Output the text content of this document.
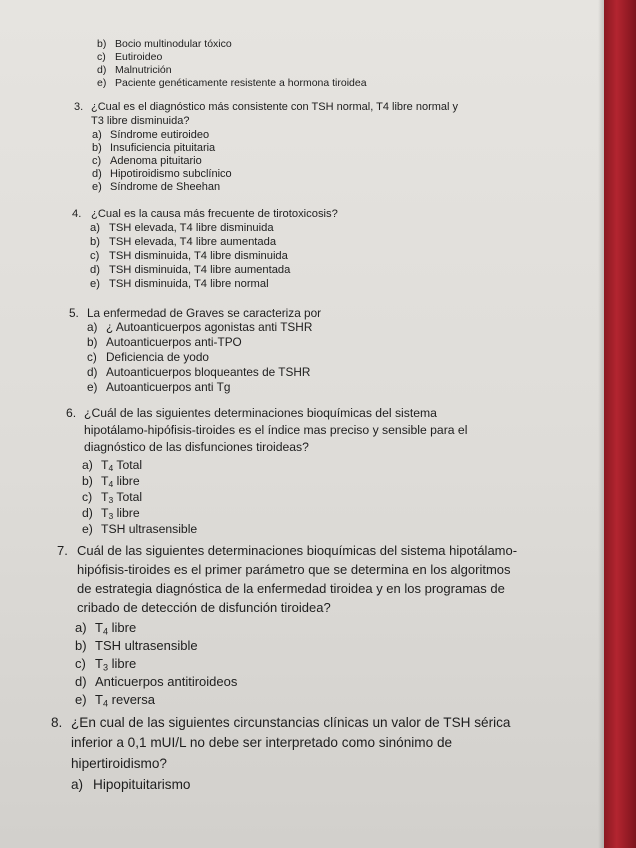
b) Bocio multinodular tóxico
c) Eutiroideo
d) Malnutrición
e) Paciente genéticamente resistente a hormona tiroidea
3. ¿Cual es el diagnóstico más consistente con TSH normal, T4 libre normal y
T3 libre disminuida?
a) Síndrome eutiroideo
b) Insuficiencia pituitaria
c) Adenoma pituitario
d) Hipotiroidismo subclínico
e) Síndrome de Sheehan
4. ¿Cual es la causa más frecuente de tirotoxicosis?
a) TSH elevada, T4 libre disminuida
b) TSH elevada, T4 libre aumentada
c) TSH disminuida, T4 libre disminuida
d) TSH disminuida, T4 libre aumentada
e) TSH disminuida, T4 libre normal
5. La enfermedad de Graves se caracteriza por
a) ¿ Autoanticuerpos agonistas anti TSHR
b) Autoanticuerpos anti-TPO
c) Deficiencia de yodo
d) Autoanticuerpos bloqueantes de TSHR
e) Autoanticuerpos anti Tg
6. ¿Cuál de las siguientes determinaciones bioquímicas del sistema
hipotálamo-hipófisis-tiroides es el índice mas preciso y sensible para el
diagnóstico de las disfunciones tiroideas?
a) $T_4$ Total
b) $T_4$ libre
c) $T_3$ Total
d) $T_3$ libre
e) TSH ultrasensible
7. Cuál de las siguientes determinaciones bioquímicas del sistema hipotálamo-
hipófisis-tiroides es el primer parámetro que se determina en los algoritmos
de estrategia diagnóstica de la enfermedad tiroidea y en los programas de
cribado de detección de disfunción tiroidea?
a) $T_4$ libre
b) TSH ultrasensible
c) $T_3$ libre
d) Anticuerpos antitiroideos
e) $T_4$ reversa
8. ¿En cual de las siguientes circunstancias clínicas un valor de TSH sérica
inferior a 0,1 mUI/L no debe ser interpretado como sinónimo de
hipertiroidismo?
a) Hipopituitarismo
